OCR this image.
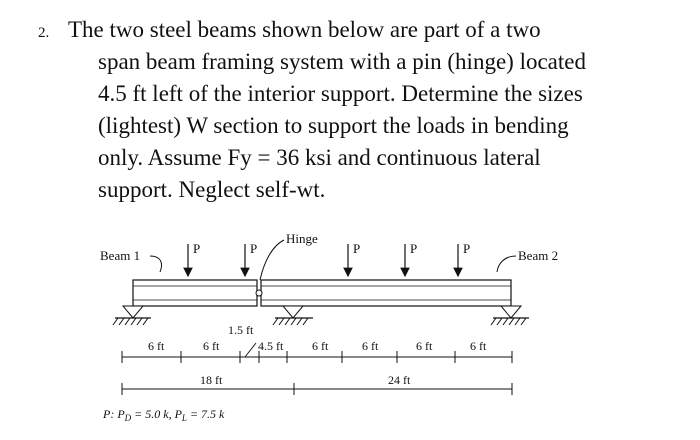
2. The two steel beams shown below are part of a two
span beam framing system with a pin (hinge) located
4.5 ft left of the interior support. Determine the sizes
(lightest) W section to support the loads in bending
only. Assume Fy = 36 ksi and continuous lateral
support. Neglect self-wt.
P	P	P	P	P
Beam 1
Hinge
Beam 2
1.5 ft
6 ft	6 ft	4.5 ft 6 ft	6 ft	6 ft	6 ft
18 ft	24 ft
P: $P_D = 5.0$ k, $P_L = 7.5$ k
